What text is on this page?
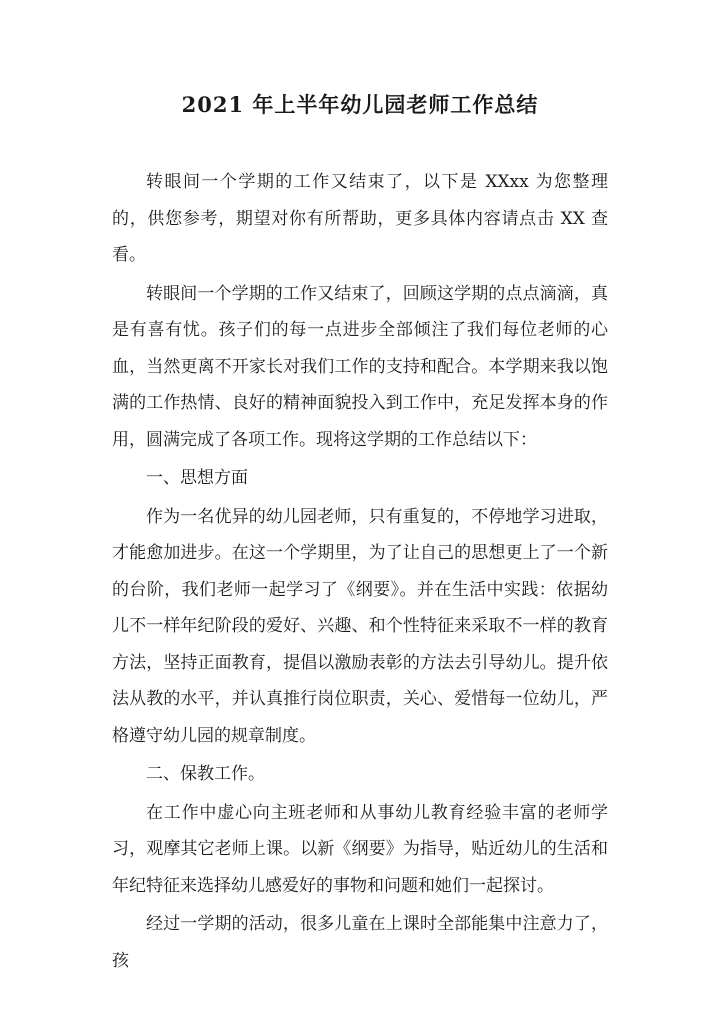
2021 年上半年幼儿园老师工作总结

转眼间一个学期的工作又结束了，以下是 XXxx 为您整理的，供您参考，期望对你有所帮助，更多具体内容请点击 XX 查看。

转眼间一个学期的工作又结束了，回顾这学期的点点滴滴，真是有喜有忧。孩子们的每一点进步全部倾注了我们每位老师的心血，当然更离不开家长对我们工作的支持和配合。本学期来我以饱满的工作热情、良好的精神面貌投入到工作中，充足发挥本身的作用，圆满完成了各项工作。现将这学期的工作总结以下：

一、思想方面

作为一名优异的幼儿园老师，只有重复的，不停地学习进取，才能愈加进步。在这一个学期里，为了让自己的思想更上了一个新的台阶，我们老师一起学习了《纲要》。并在生活中实践：依据幼儿不一样年纪阶段的爱好、兴趣、和个性特征来采取不一样的教育方法，坚持正面教育，提倡以激励表彰的方法去引导幼儿。提升依法从教的水平，并认真推行岗位职责，关心、爱惜每一位幼儿，严格遵守幼儿园的规章制度。

二、保教工作。

在工作中虚心向主班老师和从事幼儿教育经验丰富的老师学习，观摩其它老师上课。以新《纲要》为指导，贴近幼儿的生活和年纪特征来选择幼儿感爱好的事物和问题和她们一起探讨。

经过一学期的活动，很多儿童在上课时全部能集中注意力了，孩
